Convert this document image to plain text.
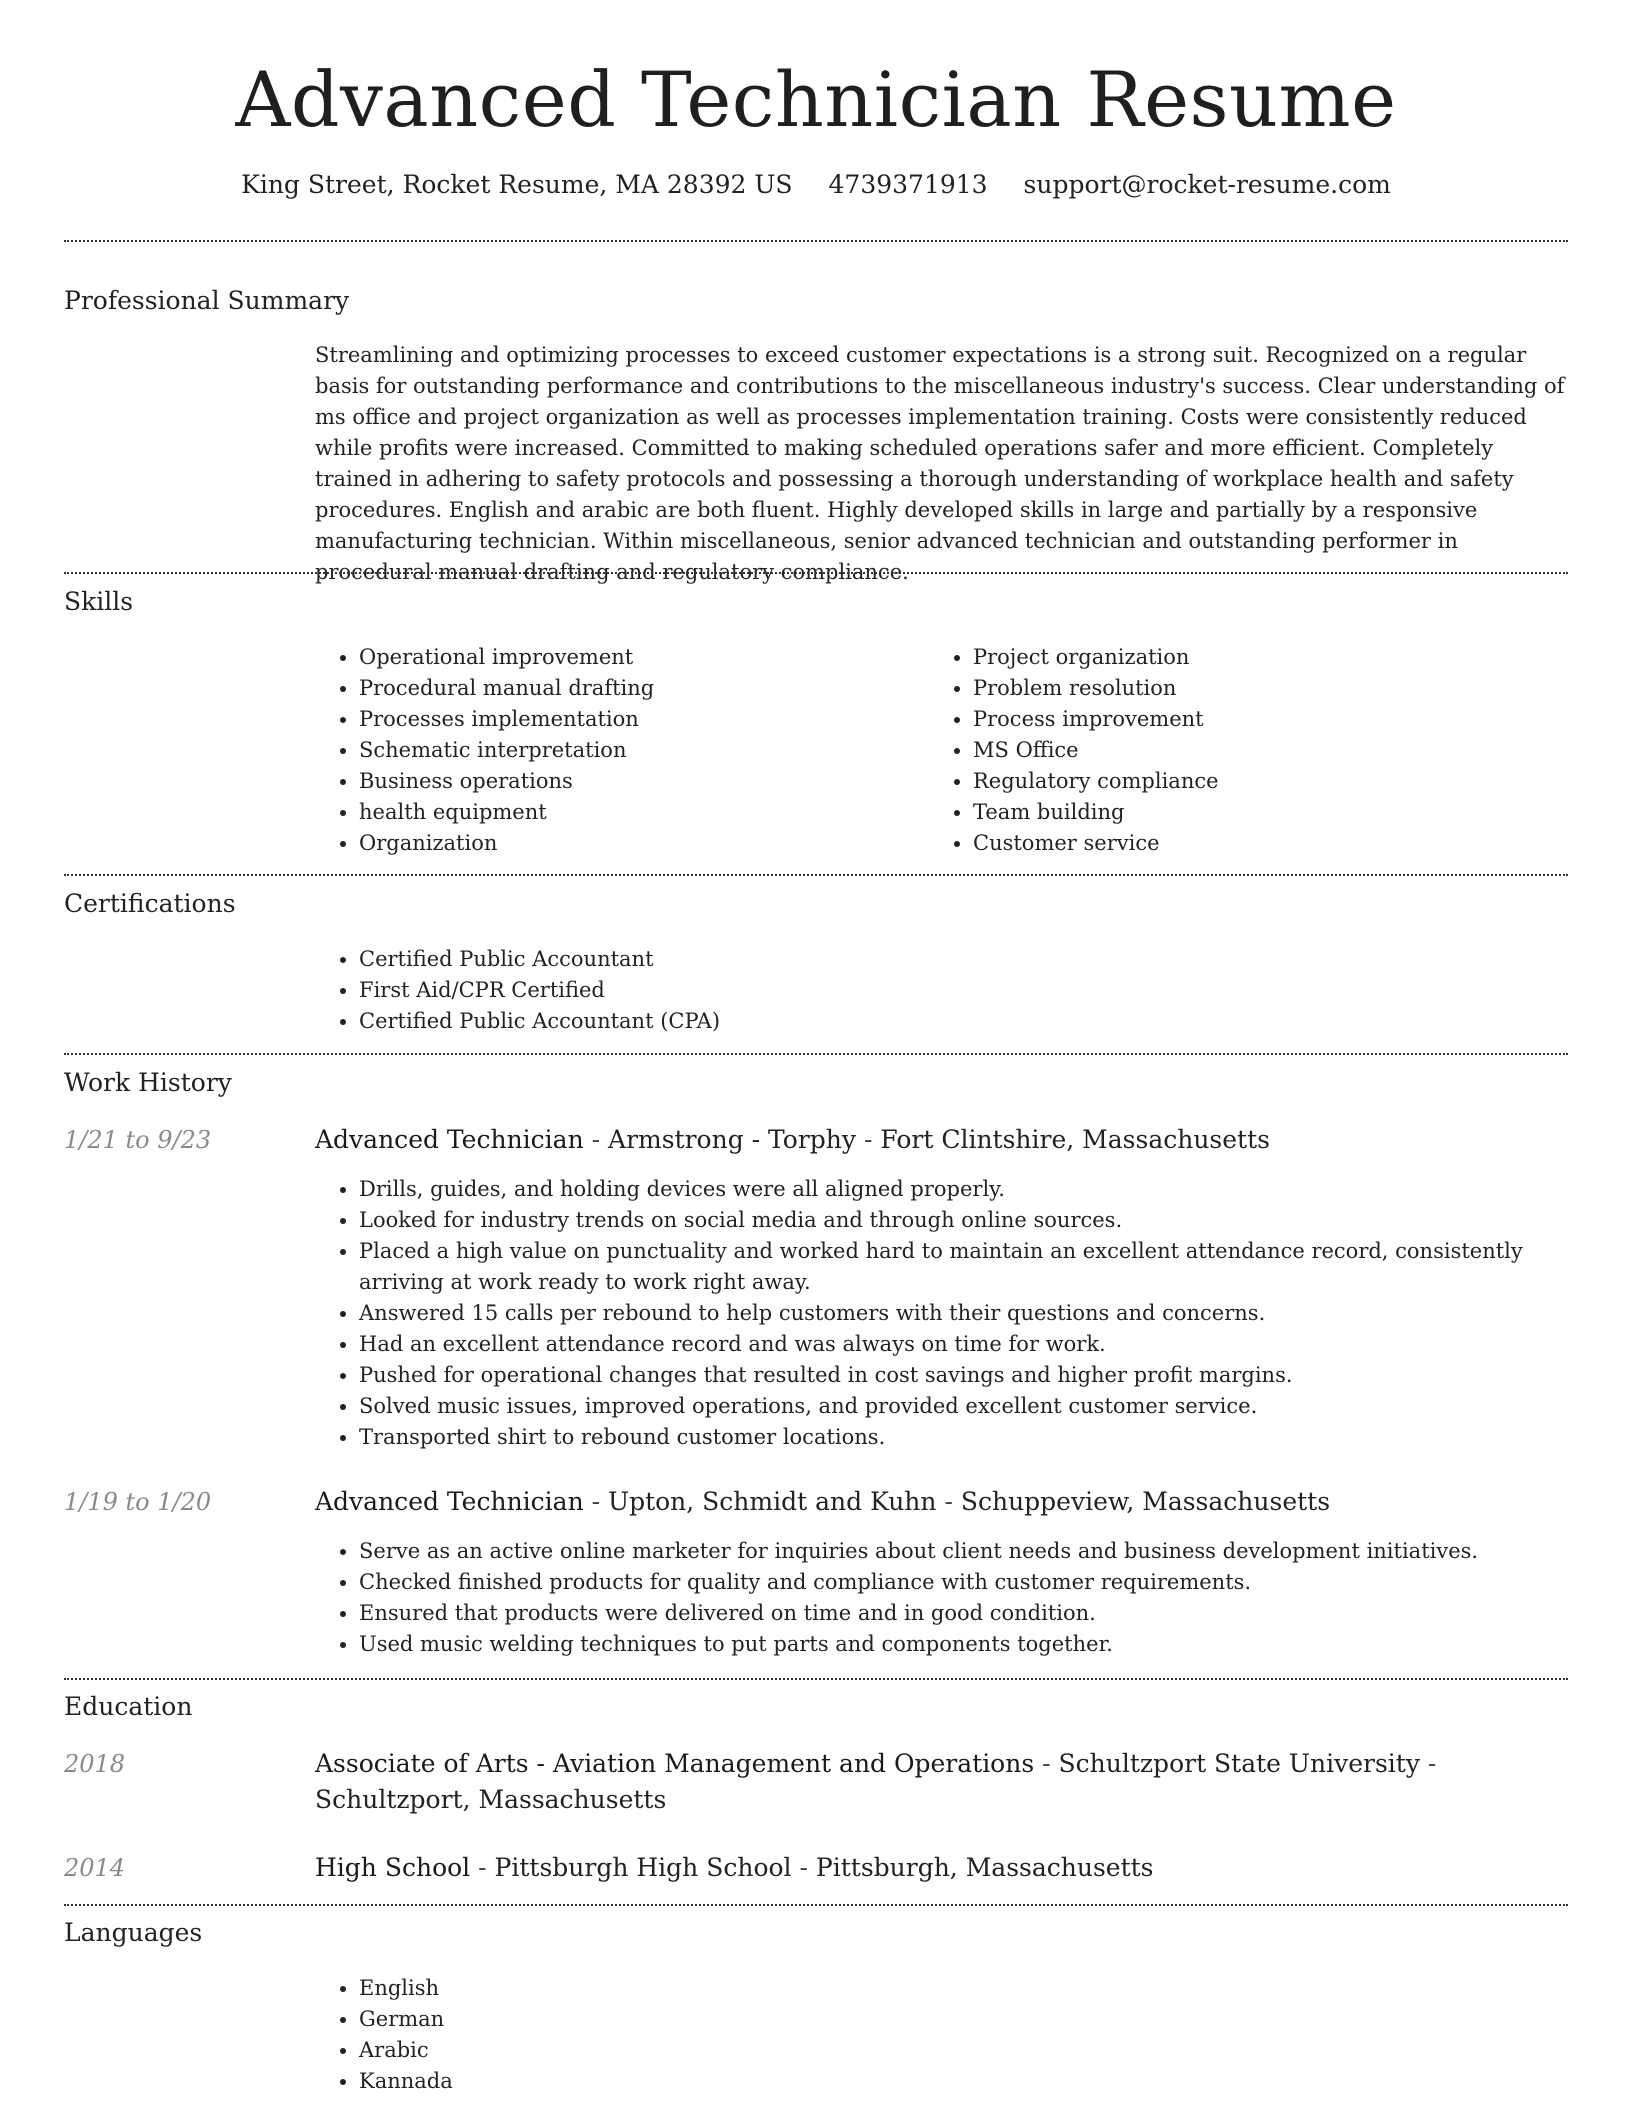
Advanced Technician Resume
King Street, Rocket Resume, MA 28392 US 4739371913 support@rocket-resume.com
Professional Summary
Streamlining and optimizing processes to exceed customer expectations is a strong suit. Recognized on a regular basis for outstanding performance and contributions to the miscellaneous industry's success. Clear understanding of ms office and project organization as well as processes implementation training. Costs were consistently reduced while profits were increased. Committed to making scheduled operations safer and more efficient. Completely trained in adhering to safety protocols and possessing a thorough understanding of workplace health and safety procedures. English and arabic are both fluent. Highly developed skills in large and partially by a responsive manufacturing technician. Within miscellaneous, senior advanced technician and outstanding performer in procedural manual drafting and regulatory compliance.
Skills
• Operational improvement
• Procedural manual drafting
• Processes implementation
• Schematic interpretation
• Business operations
• health equipment
• Organization
• Project organization
• Problem resolution
• Process improvement
• MS Office
• Regulatory compliance
• Team building
• Customer service
Certifications
• Certified Public Accountant
• First Aid/CPR Certified
• Certified Public Accountant (CPA)
Work History
1/21 to 9/23	Advanced Technician - Armstrong - Torphy - Fort Clintshire, Massachusetts
• Drills, guides, and holding devices were all aligned properly.
• Looked for industry trends on social media and through online sources.
• Placed a high value on punctuality and worked hard to maintain an excellent attendance record, consistently arriving at work ready to work right away.
• Answered 15 calls per rebound to help customers with their questions and concerns.
• Had an excellent attendance record and was always on time for work.
• Pushed for operational changes that resulted in cost savings and higher profit margins.
• Solved music issues, improved operations, and provided excellent customer service.
• Transported shirt to rebound customer locations.
1/19 to 1/20	Advanced Technician - Upton, Schmidt and Kuhn - Schuppeview, Massachusetts
• Serve as an active online marketer for inquiries about client needs and business development initiatives.
• Checked finished products for quality and compliance with customer requirements.
• Ensured that products were delivered on time and in good condition.
• Used music welding techniques to put parts and components together.
Education
2018	Associate of Arts - Aviation Management and Operations - Schultzport State University - Schultzport, Massachusetts
2014	High School - Pittsburgh High School - Pittsburgh, Massachusetts
Languages
• English
• German
• Arabic
• Kannada
